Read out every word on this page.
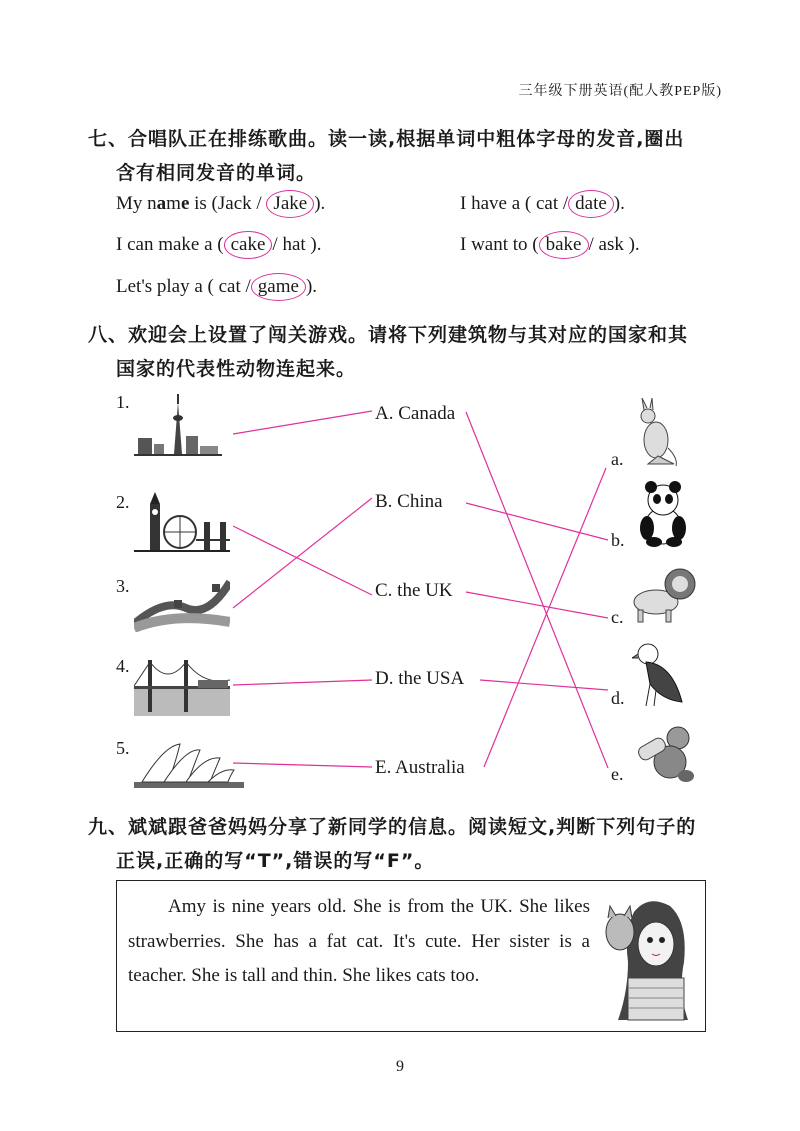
三年级下册英语(配人教PEP版)
七、合唱队正在排练歌曲。读一读,根据单词中粗体字母的发音,圈出
含有相同发音的单词。
My name is (Jack / Jake ).	I have a ( cat / date ).
I can make a ( cake / hat ).	I want to ( bake / ask ).
Let's play a ( cat / game ).
八、欢迎会上设置了闯关游戏。请将下列建筑物与其对应的国家和其
国家的代表性动物连起来。
1.
2.
3.
4.
5.
A. Canada
B. China
C. the UK
D. the USA
E. Australia
a.
b.
c.
d.
e.
九、斌斌跟爸爸妈妈分享了新同学的信息。阅读短文,判断下列句子的
正误,正确的写“T”,错误的写“F”。
Amy is nine years old. She is from the UK. She likes strawberries. She has a fat cat. It's cute. Her sister is a teacher. She is tall and thin. She likes cats too.
9
